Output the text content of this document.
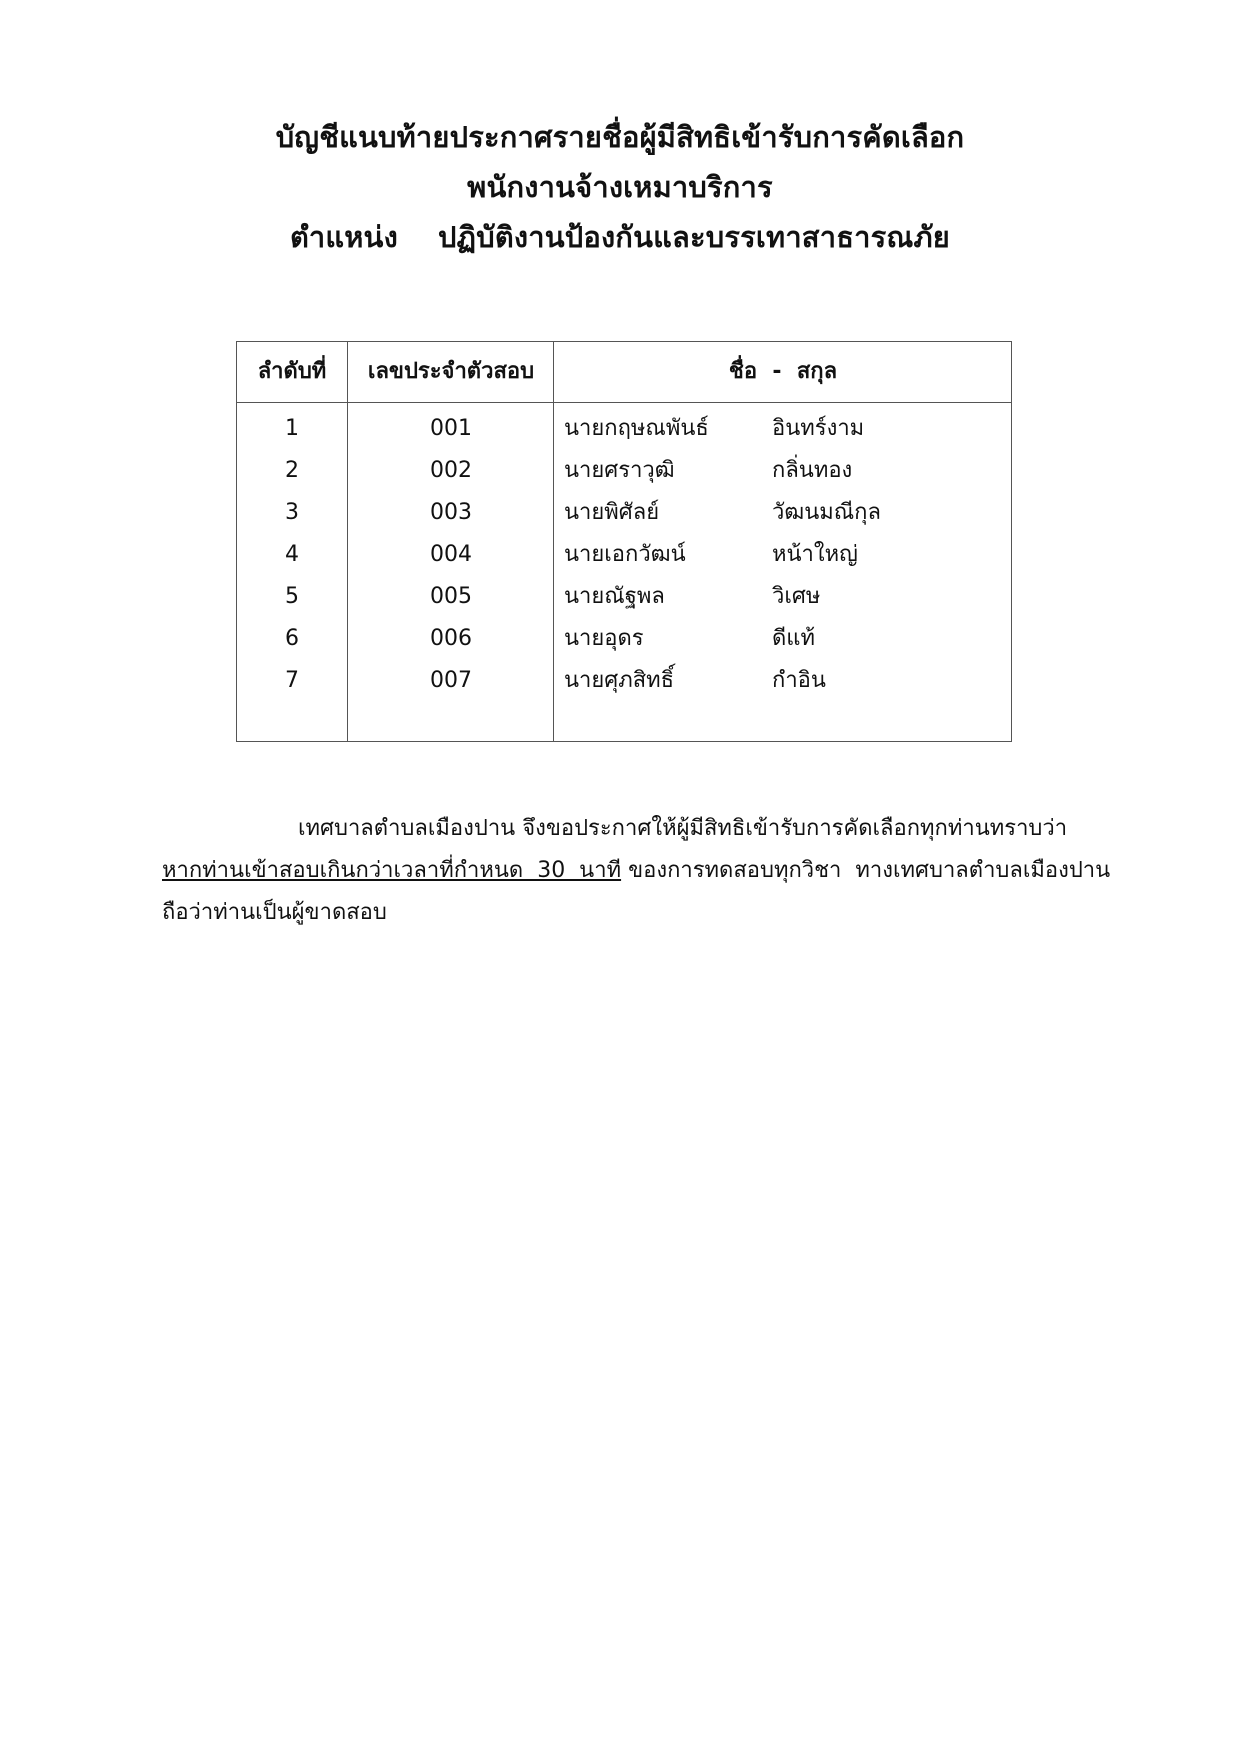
บัญชีแนบท้ายประกาศรายชื่อผู้มีสิทธิเข้ารับการคัดเลือก
พนักงานจ้างเหมาบริการ
ตำแหน่ง ปฏิบัติงานป้องกันและบรรเทาสาธารณภัย
ลำดับที่	เลขประจำตัวสอบ	ชื่อ  -  สกุล
1	001	นายกฤษณพันธ์	อินทร์งาม
2	002	นายศราวุฒิ	กลิ่นทอง
3	003	นายพิศัลย์	วัฒนมณีกุล
4	004	นายเอกวัฒน์	หน้าใหญ่
5	005	นายณัฐพล	วิเศษ
6	006	นายอุดร	ดีแท้
7	007	นายศุภสิทธิ์	กำอิน

เทศบาลตำบลเมืองปาน จึงขอประกาศให้ผู้มีสิทธิเข้ารับการคัดเลือกทุกท่านทราบว่า

หากท่านเข้าสอบเกินกว่าเวลาที่กำหนด  30  นาที ของการทดสอบทุกวิชา  ทางเทศบาลตำบลเมืองปาน

ถือว่าท่านเป็นผู้ขาดสอบ
